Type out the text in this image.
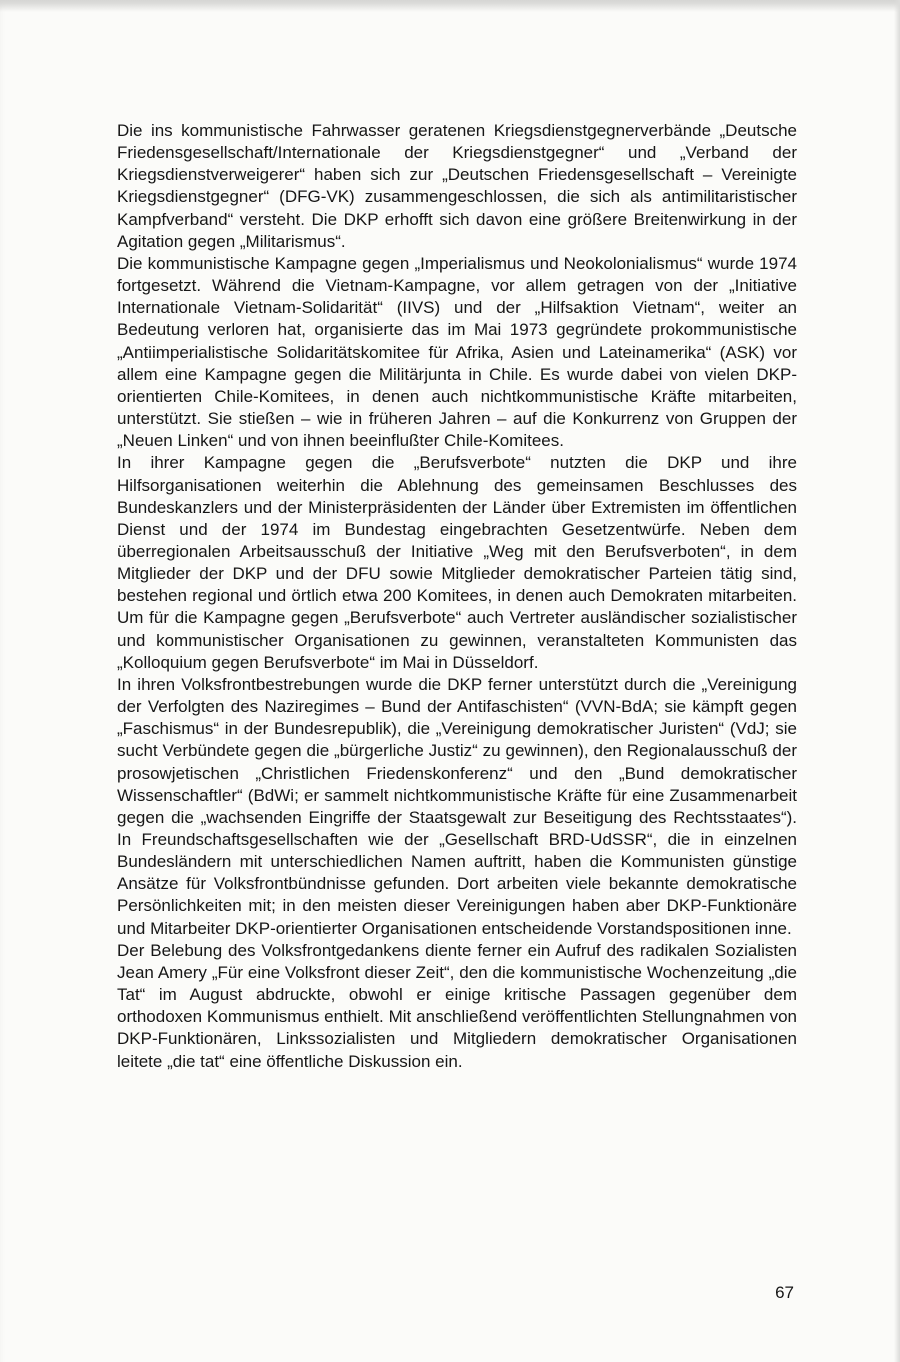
Die ins kommunistische Fahrwasser geratenen Kriegsdienstgegnerverbände „Deutsche Friedensgesellschaft/Internationale der Kriegsdienstgegner“ und „Verband der Kriegsdienstverweigerer“ haben sich zur „Deutschen Friedensgesellschaft – Vereinigte Kriegsdienstgegner“ (DFG-VK) zusammengeschlossen, die sich als antimilitaristischer Kampfverband“ versteht. Die DKP erhofft sich davon eine größere Breitenwirkung in der Agitation gegen „Militarismus“.

Die kommunistische Kampagne gegen „Imperialismus und Neokolonialismus“ wurde 1974 fortgesetzt. Während die Vietnam-Kampagne, vor allem getragen von der „Initiative Internationale Vietnam-Solidarität“ (IIVS) und der „Hilfsaktion Vietnam“, weiter an Bedeutung verloren hat, organisierte das im Mai 1973 gegründete prokommunistische „Antiimperialistische Solidaritätskomitee für Afrika, Asien und Lateinamerika“ (ASK) vor allem eine Kampagne gegen die Militärjunta in Chile. Es wurde dabei von vielen DKP-orientierten Chile-Komitees, in denen auch nichtkommunistische Kräfte mitarbeiten, unterstützt. Sie stießen – wie in früheren Jahren – auf die Konkurrenz von Gruppen der „Neuen Linken“ und von ihnen beeinflußter Chile-Komitees.

In ihrer Kampagne gegen die „Berufsverbote“ nutzten die DKP und ihre Hilfsorganisationen weiterhin die Ablehnung des gemeinsamen Beschlusses des Bundeskanzlers und der Ministerpräsidenten der Länder über Extremisten im öffentlichen Dienst und der 1974 im Bundestag eingebrachten Gesetzentwürfe. Neben dem überregionalen Arbeitsausschuß der Initiative „Weg mit den Berufsverboten“, in dem Mitglieder der DKP und der DFU sowie Mitglieder demokratischer Parteien tätig sind, bestehen regional und örtlich etwa 200 Komitees, in denen auch Demokraten mitarbeiten. Um für die Kampagne gegen „Berufsverbote“ auch Vertreter ausländischer sozialistischer und kommunistischer Organisationen zu gewinnen, veranstalteten Kommunisten das „Kolloquium gegen Berufsverbote“ im Mai in Düsseldorf.

In ihren Volksfrontbestrebungen wurde die DKP ferner unterstützt durch die „Vereinigung der Verfolgten des Naziregimes – Bund der Antifaschisten“ (VVN-BdA; sie kämpft gegen „Faschismus“ in der Bundesrepublik), die „Vereinigung demokratischer Juristen“ (VdJ; sie sucht Verbündete gegen die „bürgerliche Justiz“ zu gewinnen), den Regionalausschuß der prosowjetischen „Christlichen Friedenskonferenz“ und den „Bund demokratischer Wissenschaftler“ (BdWi; er sammelt nichtkommunistische Kräfte für eine Zusammenarbeit gegen die „wachsenden Eingriffe der Staatsgewalt zur Beseitigung des Rechtsstaates“). In Freundschaftsgesellschaften wie der „Gesellschaft BRD-UdSSR“, die in einzelnen Bundesländern mit unterschiedlichen Namen auftritt, haben die Kommunisten günstige Ansätze für Volksfrontbündnisse gefunden. Dort arbeiten viele bekannte demokratische Persönlichkeiten mit; in den meisten dieser Vereinigungen haben aber DKP-Funktionäre und Mitarbeiter DKP-orientierter Organisationen entscheidende Vorstandspositionen inne.

Der Belebung des Volksfrontgedankens diente ferner ein Aufruf des radikalen Sozialisten Jean Amery „Für eine Volksfront dieser Zeit“, den die kommunistische Wochenzeitung „die Tat“ im August abdruckte, obwohl er einige kritische Passagen gegenüber dem orthodoxen Kommunismus enthielt. Mit anschließend veröffentlichten Stellungnahmen von DKP-Funktionären, Linkssozialisten und Mitgliedern demokratischer Organisationen leitete „die tat“ eine öffentliche Diskussion ein.

67
